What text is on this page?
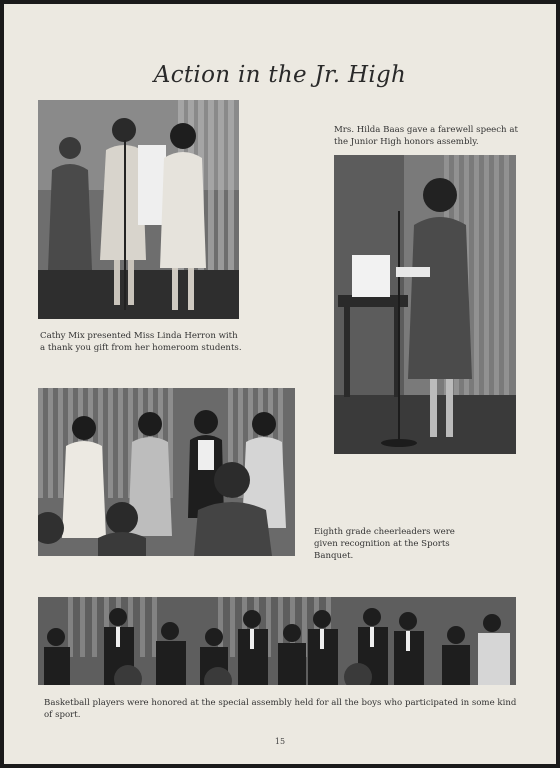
Action in the Jr. High
Cathy Mix presented Miss Linda Herron with a thank you gift from her homeroom students.
Mrs. Hilda Baas gave a farewell speech at the Junior High honors assembly.
Eighth grade cheerleaders were given recognition at the Sports Banquet.
Basketball players were honored at the special assembly held for all the boys who participated in some kind of sport.
15
